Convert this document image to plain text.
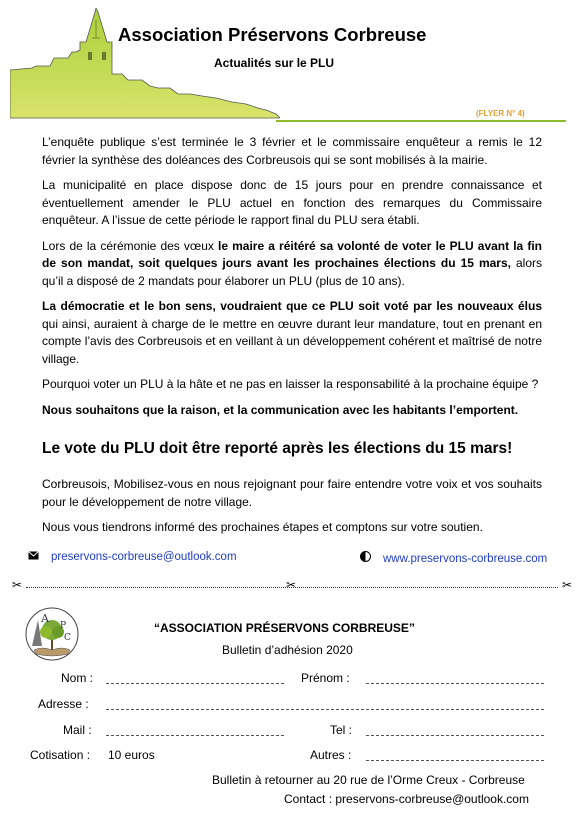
Association Préservons Corbreuse
Actualités sur le PLU
(FLYER N° 4)

L’enquête publique s’est terminée le 3 février et le commissaire enquêteur a remis le 12 février la synthèse des doléances des Corbreusois qui se sont mobilisés à la mairie.

La municipalité en place dispose donc de 15 jours pour en prendre connaissance et éventuellement amender le PLU actuel en fonction des remarques du Commissaire enquêteur. A l’issue de cette période le rapport final du PLU sera établi.

Lors de la cérémonie des vœux le maire a réitéré sa volonté de voter le PLU avant la fin de son mandat, soit quelques jours avant les prochaines élections du 15 mars, alors qu’il a disposé de 2 mandats pour élaborer un PLU (plus de 10 ans).

La démocratie et le bon sens, voudraient que ce PLU soit voté par les nouveaux élus qui ainsi, auraient à charge de le mettre en œuvre durant leur mandature, tout en prenant en compte l’avis des Corbreusois et en veillant à un développement cohérent et maîtrisé de notre village.

Pourquoi voter un PLU à la hâte et ne pas en laisser la responsabilité à la prochaine équipe ?

Nous souhaitons que la raison, et la communication avec les habitants l’emportent.

Le vote du PLU doit être reporté après les élections du 15 mars!

Corbreusois, Mobilisez-vous en nous rejoignant pour faire entendre votre voix et vos souhaits pour le développement de notre village.

Nous vous tiendrons informé des prochaines étapes et comptons sur votre soutien.

preservons-corbreuse@outlook.com	www.preservons-corbreuse.com
✂	✂	✂
A
P
C
“ASSOCIATION PRÉSERVONS CORBREUSE”
Bulletin d’adhésion 2020
Nom :	Prénom :
Adresse :
Mail :	Tel :
Cotisation : 10 euros	Autres :
Bulletin à retourner au 20 rue de l’Orme Creux - Corbreuse
Contact : preservons-corbreuse@outlook.com
